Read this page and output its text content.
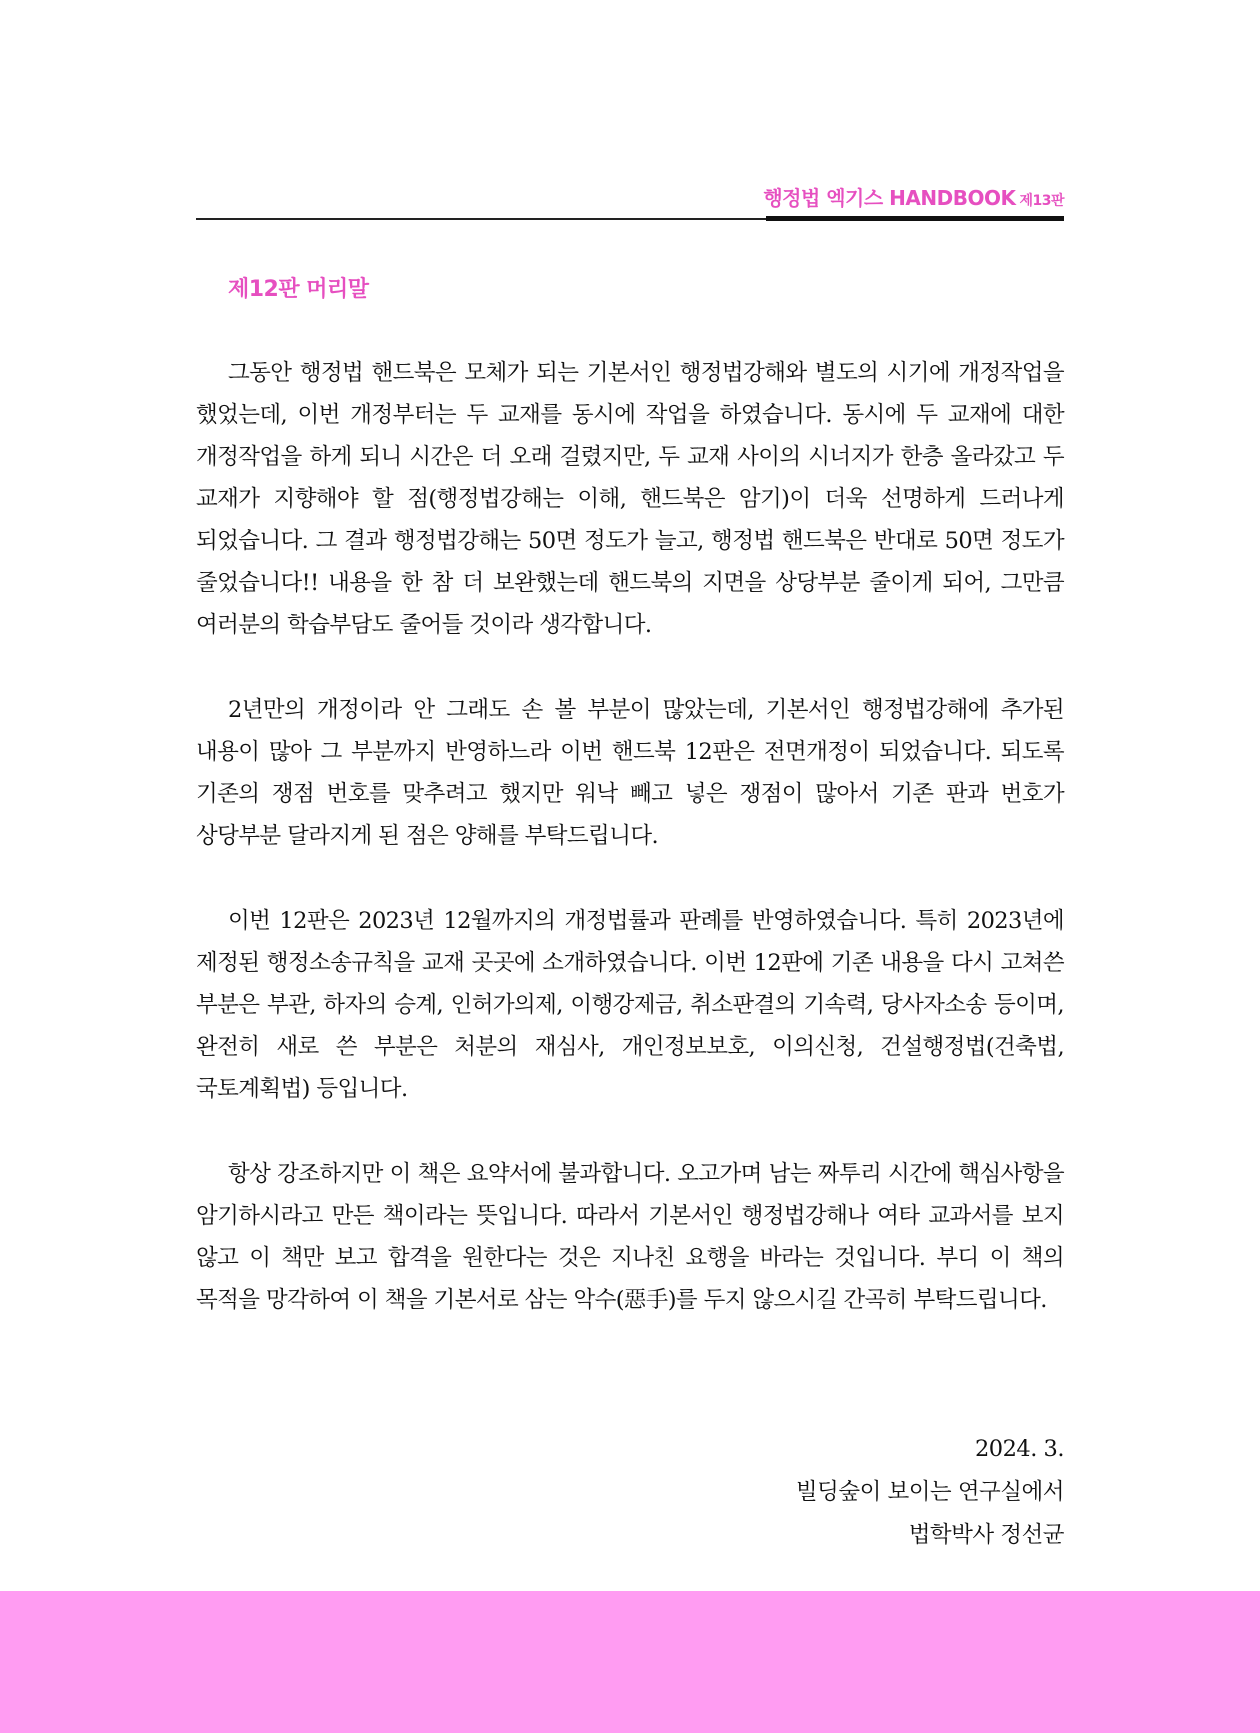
행정법 엑기스 HANDBOOK 제13판
제12판 머리말

그동안 행정법 핸드북은 모체가 되는 기본서인 행정법강해와 별도의 시기에 개정작업을 했었는데, 이번 개정부터는 두 교재를 동시에 작업을 하였습니다. 동시에 두 교재에 대한 개정작업을 하게 되니 시간은 더 오래 걸렸지만, 두 교재 사이의 시너지가 한층 올라갔고 두 교재가 지향해야 할 점(행정법강해는 이해, 핸드북은 암기)이 더욱 선명하게 드러나게 되었습니다. 그 결과 행정법강해는 50면 정도가 늘고, 행정법 핸드북은 반대로 50면 정도가 줄었습니다!! 내용을 한 참 더 보완했는데 핸드북의 지면을 상당부분 줄이게 되어, 그만큼 여러분의 학습부담도 줄어들 것이라 생각합니다.

2년만의 개정이라 안 그래도 손 볼 부분이 많았는데, 기본서인 행정법강해에 추가된 내용이 많아 그 부분까지 반영하느라 이번 핸드북 12판은 전면개정이 되었습니다. 되도록 기존의 쟁점 번호를 맞추려고 했지만 워낙 빼고 넣은 쟁점이 많아서 기존 판과 번호가 상당부분 달라지게 된 점은 양해를 부탁드립니다.

이번 12판은 2023년 12월까지의 개정법률과 판례를 반영하였습니다. 특히 2023년에 제정된 행정소송규칙을 교재 곳곳에 소개하였습니다. 이번 12판에 기존 내용을 다시 고쳐쓴 부분은 부관, 하자의 승계, 인허가의제, 이행강제금, 취소판결의 기속력, 당사자소송 등이며, 완전히 새로 쓴 부분은 처분의 재심사, 개인정보보호, 이의신청, 건설행정법(건축법, 국토계획법) 등입니다.

항상 강조하지만 이 책은 요약서에 불과합니다. 오고가며 남는 짜투리 시간에 핵심사항을 암기하시라고 만든 책이라는 뜻입니다. 따라서 기본서인 행정법강해나 여타 교과서를 보지 않고 이 책만 보고 합격을 원한다는 것은 지나친 요행을 바라는 것입니다. 부디 이 책의 목적을 망각하여 이 책을 기본서로 삼는 악수(惡手)를 두지 않으시길 간곡히 부탁드립니다.

2024. 3.
빌딩숲이 보이는 연구실에서
법학박사 정선균
